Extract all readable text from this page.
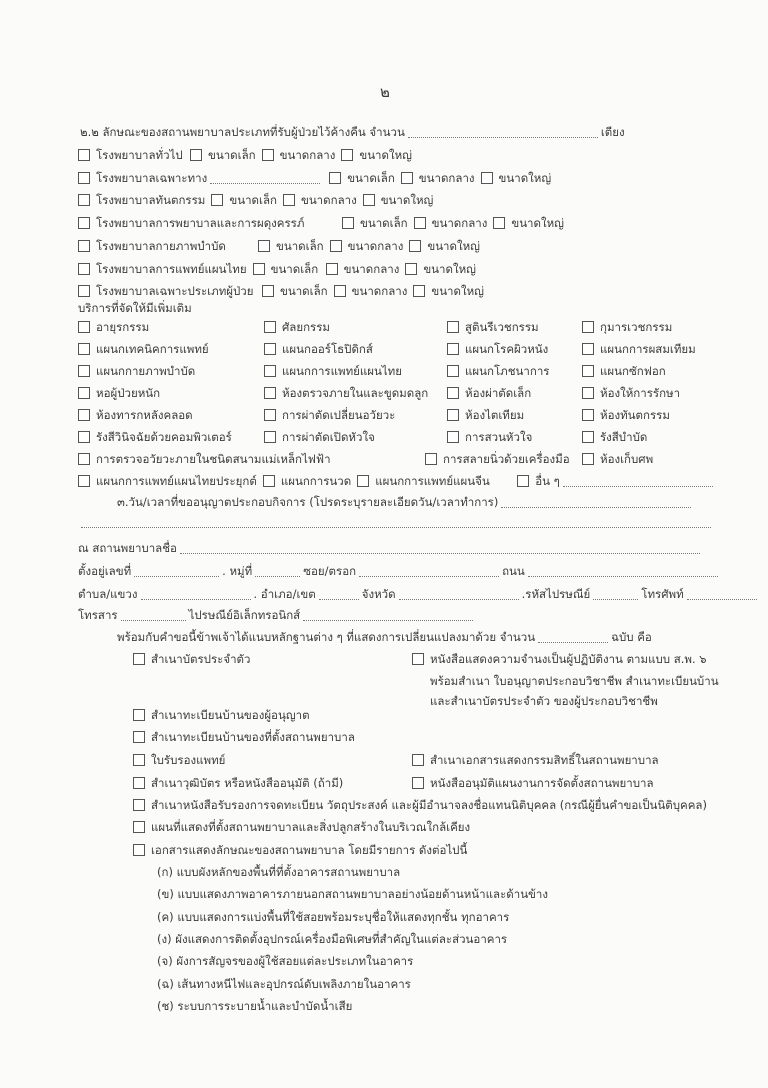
๒
๒.๒ ลักษณะของสถานพยาบาลประเภทที่รับผู้ป่วยไว้ค้างคืน จำนวน	เตียง
โรงพยาบาลทั่วไป ขนาดเล็ก ขนาดกลาง ขนาดใหญ่
โรงพยาบาลเฉพาะทาง	ขนาดเล็ก ขนาดกลาง ขนาดใหญ่
โรงพยาบาลทันตกรรม ขนาดเล็ก ขนาดกลาง ขนาดใหญ่
โรงพยาบาลการพยาบาลและการผดุงครรภ์	ขนาดเล็ก ขนาดกลาง ขนาดใหญ่
โรงพยาบาลกายภาพบำบัด	ขนาดเล็ก ขนาดกลาง ขนาดใหญ่
โรงพยาบาลการแพทย์แผนไทย ขนาดเล็ก ขนาดกลาง ขนาดใหญ่
โรงพยาบาลเฉพาะประเภทผู้ป่วย ขนาดเล็ก ขนาดกลาง ขนาดใหญ่
บริการที่จัดให้มีเพิ่มเติม
อายุรกรรม	ศัลยกรรม	สูตินรีเวชกรรม	กุมารเวชกรรม
แผนกเทคนิคการแพทย์	แผนกออร์โธปิดิกส์	แผนกโรคผิวหนัง	แผนกการผสมเทียม
แผนกกายภาพบำบัด	แผนกการแพทย์แผนไทย	แผนกโภชนาการ	แผนกซักฟอก
หอผู้ป่วยหนัก	ห้องตรวจภายในและขูดมดลูก	ห้องผ่าตัดเล็ก	ห้องให้การรักษา
ห้องทารกหลังคลอด	การผ่าตัดเปลี่ยนอวัยวะ	ห้องไตเทียม	ห้องทันตกรรม
รังสีวินิจฉัยด้วยคอมพิวเตอร์	การผ่าตัดเปิดหัวใจ	การสวนหัวใจ	รังสีบำบัด
การตรวจอวัยวะภายในชนิดสนามแม่เหล็กไฟฟ้า	การสลายนิ่วด้วยเครื่องมือ	ห้องเก็บศพ
แผนกการแพทย์แผนไทยประยุกต์ แผนกการนวด แผนกการแพทย์แผนจีน	อื่น ๆ
๓.วัน/เวลาที่ขออนุญาตประกอบกิจการ (โปรดระบุรายละเอียดวัน/เวลาทำการ)
ณ สถานพยาบาลชื่อ
ตั้งอยู่เลขที่	. หมู่ที่	ซอย/ตรอก	ถนน
ตำบล/แขวง	. อำเภอ/เขต	จังหวัด	.รหัสไปรษณีย์	โทรศัพท์
โทรสาร	ไปรษณีย์อิเล็กทรอนิกส์
พร้อมกับคำขอนี้ข้าพเจ้าได้แนบหลักฐานต่าง ๆ ที่แสดงการเปลี่ยนแปลงมาด้วย จำนวน	ฉบับ คือ
สำเนาบัตรประจำตัว	หนังสือแสดงความจำนงเป็นผู้ปฏิบัติงาน ตามแบบ ส.พ. ๖
พร้อมสำเนา ใบอนุญาตประกอบวิชาชีพ สำเนาทะเบียนบ้าน
และสำเนาบัตรประจำตัว ของผู้ประกอบวิชาชีพ
สำเนาทะเบียนบ้านของผู้อนุญาต
สำเนาทะเบียนบ้านของที่ตั้งสถานพยาบาล
ใบรับรองแพทย์	สำเนาเอกสารแสดงกรรมสิทธิ์ในสถานพยาบาล
สำเนาวุฒิบัตร หรือหนังสืออนุมัติ (ถ้ามี)	หนังสืออนุมัติแผนงานการจัดตั้งสถานพยาบาล
สำเนาหนังสือรับรองการจดทะเบียน วัตถุประสงค์ และผู้มีอำนาจลงชื่อแทนนิติบุคคล (กรณีผู้ยื่นคำขอเป็นนิติบุคคล)
แผนที่แสดงที่ตั้งสถานพยาบาลและสิ่งปลูกสร้างในบริเวณใกล้เคียง
เอกสารแสดงลักษณะของสถานพยาบาล โดยมีรายการ ดังต่อไปนี้
(ก) แบบผังหลักของพื้นที่ที่ตั้งอาคารสถานพยาบาล
(ข) แบบแสดงภาพอาคารภายนอกสถานพยาบาลอย่างน้อยด้านหน้าและด้านข้าง
(ค) แบบแสดงการแบ่งพื้นที่ใช้สอยพร้อมระบุชื่อให้แสดงทุกชั้น ทุกอาคาร
(ง) ผังแสดงการติดตั้งอุปกรณ์เครื่องมือพิเศษที่สำคัญในแต่ละส่วนอาคาร
(จ) ผังการสัญจรของผู้ใช้สอยแต่ละประเภทในอาคาร
(ฉ) เส้นทางหนีไฟและอุปกรณ์ดับเพลิงภายในอาคาร
(ช) ระบบการระบายน้ำและบำบัดน้ำเสีย
